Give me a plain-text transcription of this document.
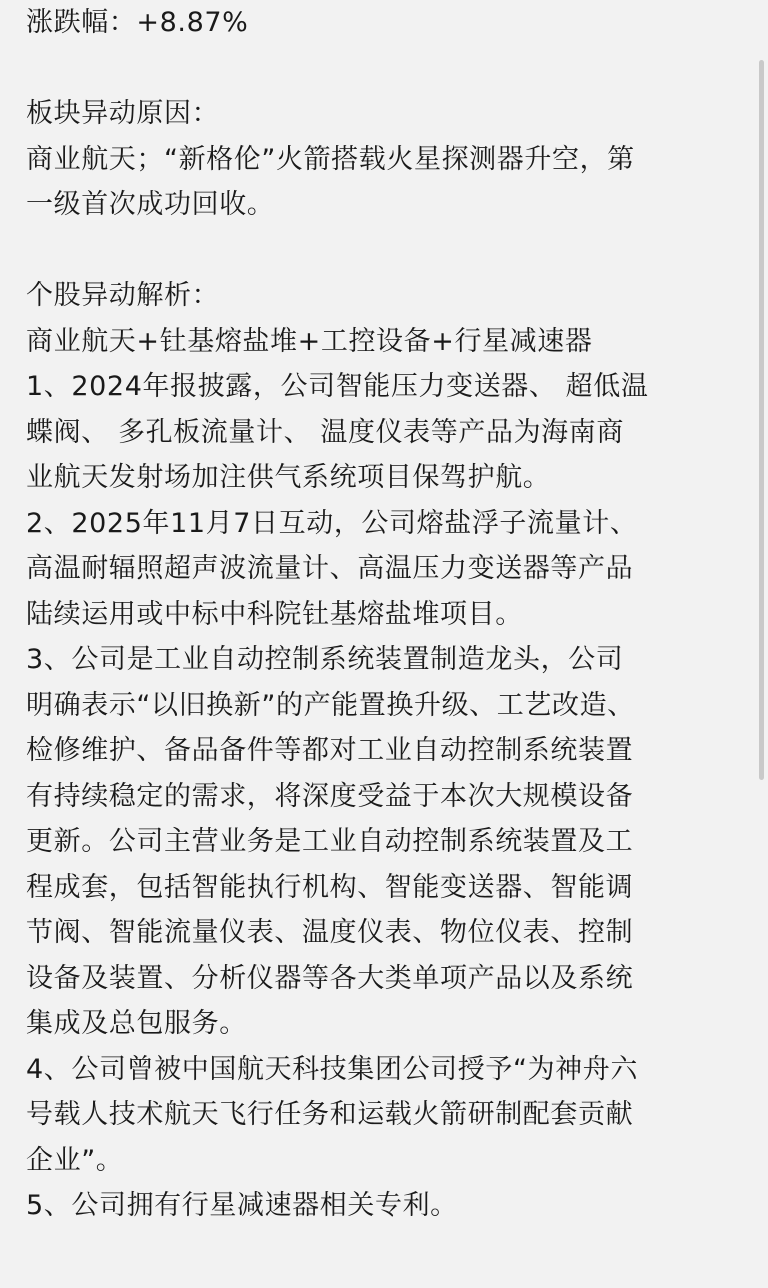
涨跌幅：+8.87%
板块异动原因：
商业航天；“新格伦”火箭搭载火星探测器升空，第
一级首次成功回收。
个股异动解析：
商业航天+钍基熔盐堆+工控设备+行星减速器
1、2024年报披露，公司智能压力变送器、 超低温
蝶阀、 多孔板流量计、 温度仪表等产品为海南商
业航天发射场加注供气系统项目保驾护航。
2、2025年11月7日互动，公司熔盐浮子流量计、
高温耐辐照超声波流量计、高温压力变送器等产品
陆续运用或中标中科院钍基熔盐堆项目。
3、公司是工业自动控制系统装置制造龙头，公司
明确表示“以旧换新”的产能置换升级、工艺改造、
检修维护、备品备件等都对工业自动控制系统装置
有持续稳定的需求，将深度受益于本次大规模设备
更新。公司主营业务是工业自动控制系统装置及工
程成套，包括智能执行机构、智能变送器、智能调
节阀、智能流量仪表、温度仪表、物位仪表、控制
设备及装置、分析仪器等各大类单项产品以及系统
集成及总包服务。
4、公司曾被中国航天科技集团公司授予“为神舟六
号载人技术航天飞行任务和运载火箭研制配套贡献
企业”。
5、公司拥有行星减速器相关专利。
